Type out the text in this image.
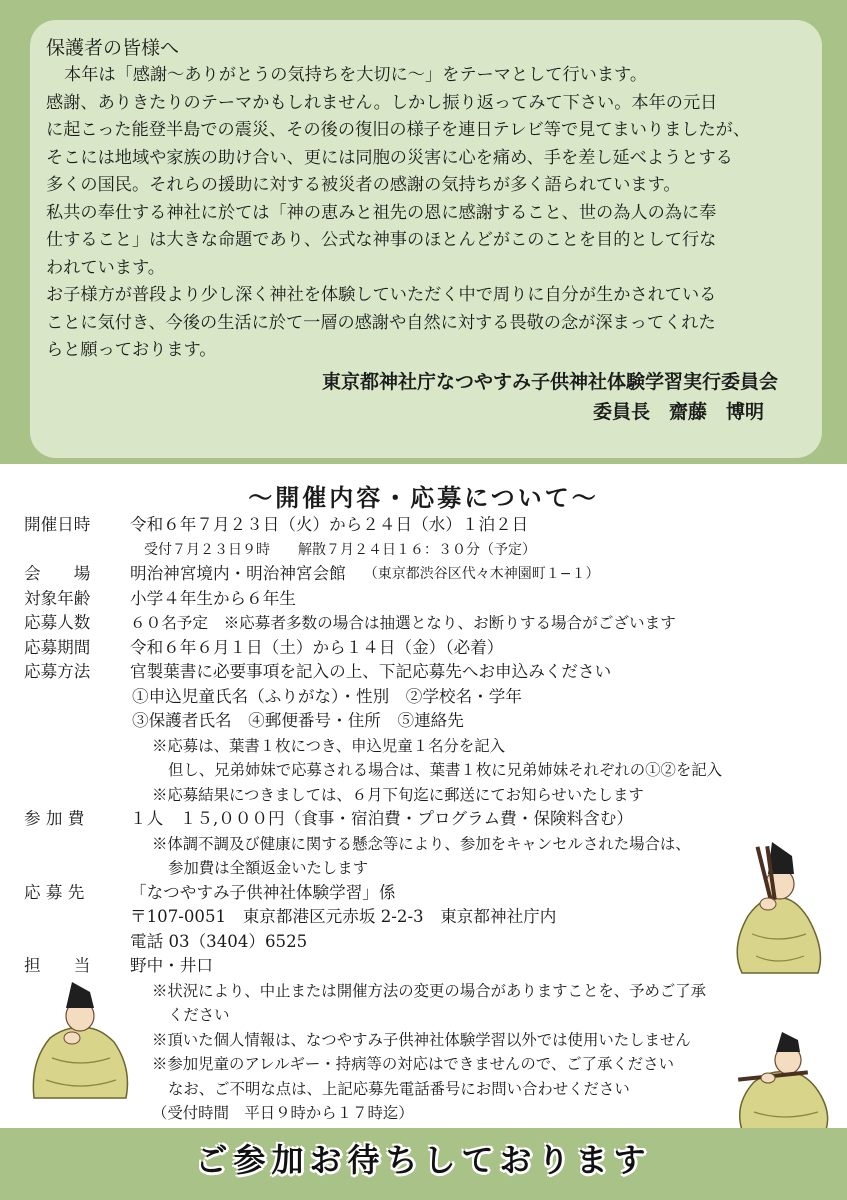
保護者の皆様へ
本年は「感謝〜ありがとうの気持ちを大切に〜」をテーマとして行います。
感謝、ありきたりのテーマかもしれません。しかし振り返ってみて下さい。本年の元日
に起こった能登半島での震災、その後の復旧の様子を連日テレビ等で見てまいりましたが、
そこには地域や家族の助け合い、更には同胞の災害に心を痛め、手を差し延べようとする
多くの国民。それらの援助に対する被災者の感謝の気持ちが多く語られています。
私共の奉仕する神社に於ては「神の恵みと祖先の恩に感謝すること、世の為人の為に奉
仕すること」は大きな命題であり、公式な神事のほとんどがこのことを目的として行な
われています。
お子様方が普段より少し深く神社を体験していただく中で周りに自分が生かされている
ことに気付き、今後の生活に於て一層の感謝や自然に対する畏敬の念が深まってくれた
らと願っております。
東京都神社庁なつやすみ子供神社体験学習実行委員会
委員長　齋藤　博明
〜開催内容・応募について〜
開催日時	令和６年７月２３日（火）から２４日（水）１泊２日
受付７月２３日９時　　解散７月２４日１６：３０分（予定）
会　　場	明治神宮境内・明治神宮会館	（東京都渋谷区代々木神園町１−１）
対象年齢	小学４年生から６年生
応募人数	６０名予定　※応募者多数の場合は抽選となり、お断りする場合がございます
応募期間	令和６年６月１日（土）から１４日（金）（必着）
応募方法	官製葉書に必要事項を記入の上、下記応募先へお申込みください
①申込児童氏名（ふりがな）・性別　②学校名・学年
③保護者氏名　④郵便番号・住所　⑤連絡先
※応募は、葉書１枚につき、申込児童１名分を記入
但し、兄弟姉妹で応募される場合は、葉書１枚に兄弟姉妹それぞれの①②を記入
※応募結果につきましては、６月下旬迄に郵送にてお知らせいたします
参 加 費	１人　１５,０００円（食事・宿泊費・プログラム費・保険料含む）
※体調不調及び健康に関する懸念等により、参加をキャンセルされた場合は、
参加費は全額返金いたします
応 募 先	「なつやすみ子供神社体験学習」係
〒107-0051　東京都港区元赤坂 2-2-3　東京都神社庁内
電話 03（3404）6525
担　　当	野中・井口
※状況により、中止または開催方法の変更の場合がありますことを、予めご了承
ください
※頂いた個人情報は、なつやすみ子供神社体験学習以外では使用いたしません
※参加児童のアレルギー・持病等の対応はできませんので、ご了承ください
なお、ご不明な点は、上記応募先電話番号にお問い合わせください
（受付時間　平日９時から１７時迄）
ご参加お待ちしております
